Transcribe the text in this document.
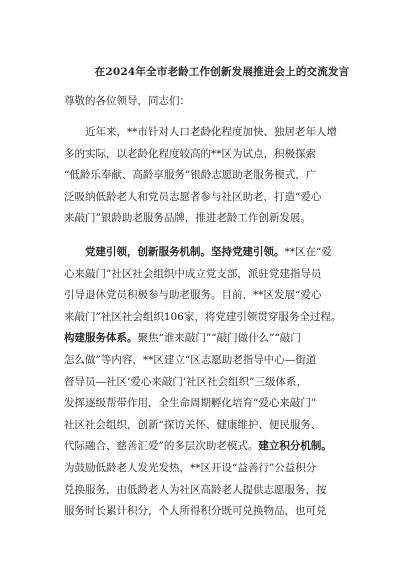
在2024年全市老龄工作创新发展推进会上的交流发言
尊敬的各位领导，同志们：
近年来，**市针对人口老龄化程度加快、独居老年人增
多的实际，以老龄化程度较高的**区为试点，积极探索
“低龄乐奉献、高龄享服务”银龄志愿助老服务模式，广
泛吸纳低龄老人和党员志愿者参与社区助老，打造“爱心
来敲门”银龄助老服务品牌，推进老龄工作创新发展。
党建引领，创新服务机制。坚持党建引领。**区在“爱
心来敲门”社区社会组织中成立党支部，派驻党建指导员
引导退休党员积极参与助老服务。目前，**区发展“爱心
来敲门”社区社会组织106家，将党建引领贯穿服务全过程。
构建服务体系。聚焦“谁来敲门”“敲门做什么”“敲门
怎么做”等内容，**区建立“区志愿助老指导中心—街道
督导员—社区‘爱心来敲门’社区社会组织”三级体系，
发挥逐级帮带作用，全生命周期孵化培育“爱心来敲门”
社区社会组织，创新“探访关怀、健康维护、便民服务、
代际融合、慈善汇爱”的多层次助老模式。建立积分机制。
为鼓励低龄老人发光发热，**区开设“益善行”公益积分
兑换服务，由低龄老人为社区高龄老人提供志愿服务，按
服务时长累计积分，个人所得积分既可兑换物品，也可兑
